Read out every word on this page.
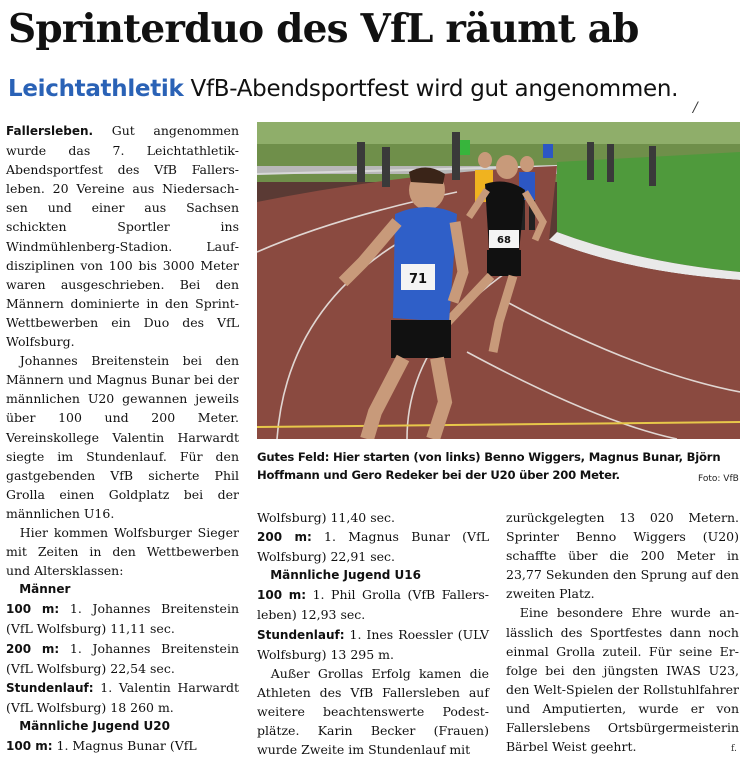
Sprinterduo des VfL räumt ab
Leichtathletik VfB-Abendsportfest wird gut angenommen.
/

Fallersleben. Gut angenommen wurde das 7. Leichtathletik-Abendsportfest des VfB Fallersleben. 20 Vereine aus Niedersachsen und einer aus Sachsen schickten Sportler ins Windmühlenberg-Stadion. Laufdisziplinen von 100 bis 3000 Meter waren ausgeschrieben. Bei den Männern dominierte in den Sprint-Wettbewerben ein Duo des VfL Wolfsburg.

Johannes Breitenstein bei den Männern und Magnus Bunar bei der männlichen U20 gewannen jeweils über 100 und 200 Meter. Vereinskollege Valentin Harwardt siegte im Stundenlauf. Für den gastgebenden VfB sicherte Phil Grolla einen Goldplatz bei der männlichen U16.

Hier kommen Wolfsburger Sieger mit Zeiten in den Wettbewerben und Altersklassen:

Männer

100 m: 1. Johannes Breitenstein (VfL Wolfsburg) 11,11 sec.

200 m: 1. Johannes Breitenstein (VfL Wolfsburg) 22,54 sec.

Stundenlauf: 1. Valentin Harwardt (VfL Wolfsburg) 18 260 m.

Männliche Jugend U20

100 m: 1. Magnus Bunar (VfL

68
71
Gutes Feld: Hier starten (von links) Benno Wiggers, Magnus Bunar, Björn Hoffmann und Gero Redeker bei der U20 über 200 Meter.	Foto: VfB

Wolfsburg) 11,40 sec.

200 m: 1. Magnus Bunar (VfL Wolfsburg) 22,91 sec.

Männliche Jugend U16

100 m: 1. Phil Grolla (VfB Fallersleben) 12,93 sec.

Stundenlauf: 1. Ines Roessler (ULV Wolfsburg) 13 295 m.

Außer Grollas Erfolg kamen die Athleten des VfB Fallersleben auf weitere beachtenswerte Podestplätze. Karin Becker (Frauen) wurde Zweite im Stundenlauf mit

zurückgelegten 13 020 Metern. Sprinter Benno Wiggers (U20) schaffte über die 200 Meter in 23,77 Sekunden den Sprung auf den zweiten Platz.

Eine besondere Ehre wurde anlässlich des Sportfestes dann noch einmal Grolla zuteil. Für seine Erfolge bei den jüngsten IWAS U23, den Welt-Spielen der Rollstuhlfahrer und Amputierten, wurde er von Fallerslebens Ortsbürgermeisterin Bärbel Weist geehrt.	f.
